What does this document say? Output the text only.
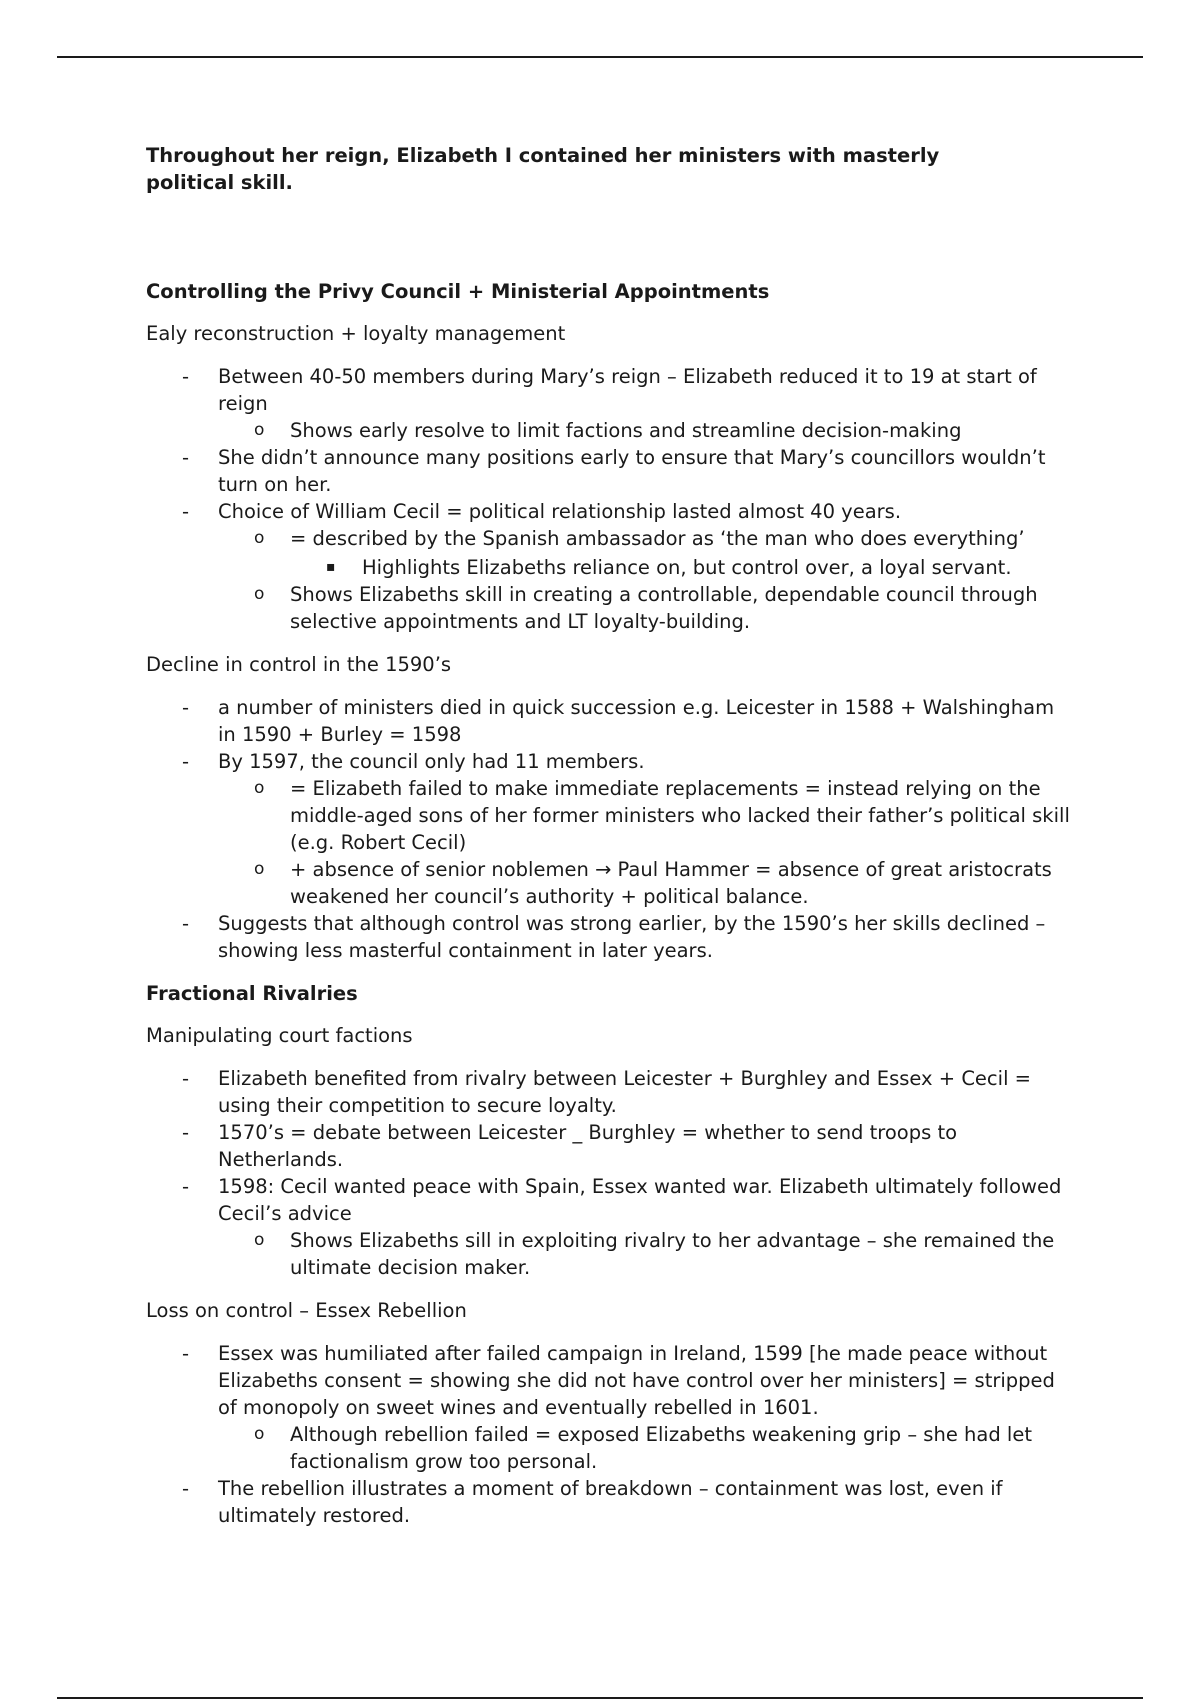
Throughout her reign, Elizabeth I contained her ministers with masterly political skill.

Controlling the Privy Council + Ministerial Appointments

Ealy reconstruction + loyalty management

-	Between 40-50 members during Mary’s reign – Elizabeth reduced it to 19 at start of reign
o	Shows early resolve to limit factions and streamline decision-making
-	She didn’t announce many positions early to ensure that Mary’s councillors wouldn’t turn on her.
-	Choice of William Cecil = political relationship lasted almost 40 years.
o	= described by the Spanish ambassador as ‘the man who does everything’
▪	Highlights Elizabeths reliance on, but control over, a loyal servant.
o	Shows Elizabeths skill in creating a controllable, dependable council through selective appointments and LT loyalty-building.

Decline in control in the 1590’s

-	a number of ministers died in quick succession e.g. Leicester in 1588 + Walshingham in 1590 + Burley = 1598
-	By 1597, the council only had 11 members.
o	= Elizabeth failed to make immediate replacements = instead relying on the middle-aged sons of her former ministers who lacked their father’s political skill (e.g. Robert Cecil)
o	+ absence of senior noblemen → Paul Hammer = absence of great aristocrats weakened her council’s authority + political balance.
-	Suggests that although control was strong earlier, by the 1590’s her skills declined – showing less masterful containment in later years.

Fractional Rivalries

Manipulating court factions

-	Elizabeth benefited from rivalry between Leicester + Burghley and Essex + Cecil = using their competition to secure loyalty.
-	1570’s = debate between Leicester _ Burghley = whether to send troops to Netherlands.
-	1598: Cecil wanted peace with Spain, Essex wanted war. Elizabeth ultimately followed Cecil’s advice
o	Shows Elizabeths sill in exploiting rivalry to her advantage – she remained the ultimate decision maker.

Loss on control – Essex Rebellion

-	Essex was humiliated after failed campaign in Ireland, 1599 [he made peace without Elizabeths consent = showing she did not have control over her ministers] = stripped of monopoly on sweet wines and eventually rebelled in 1601.
o	Although rebellion failed = exposed Elizabeths weakening grip – she had let factionalism grow too personal.
-	The rebellion illustrates a moment of breakdown – containment was lost, even if ultimately restored.
